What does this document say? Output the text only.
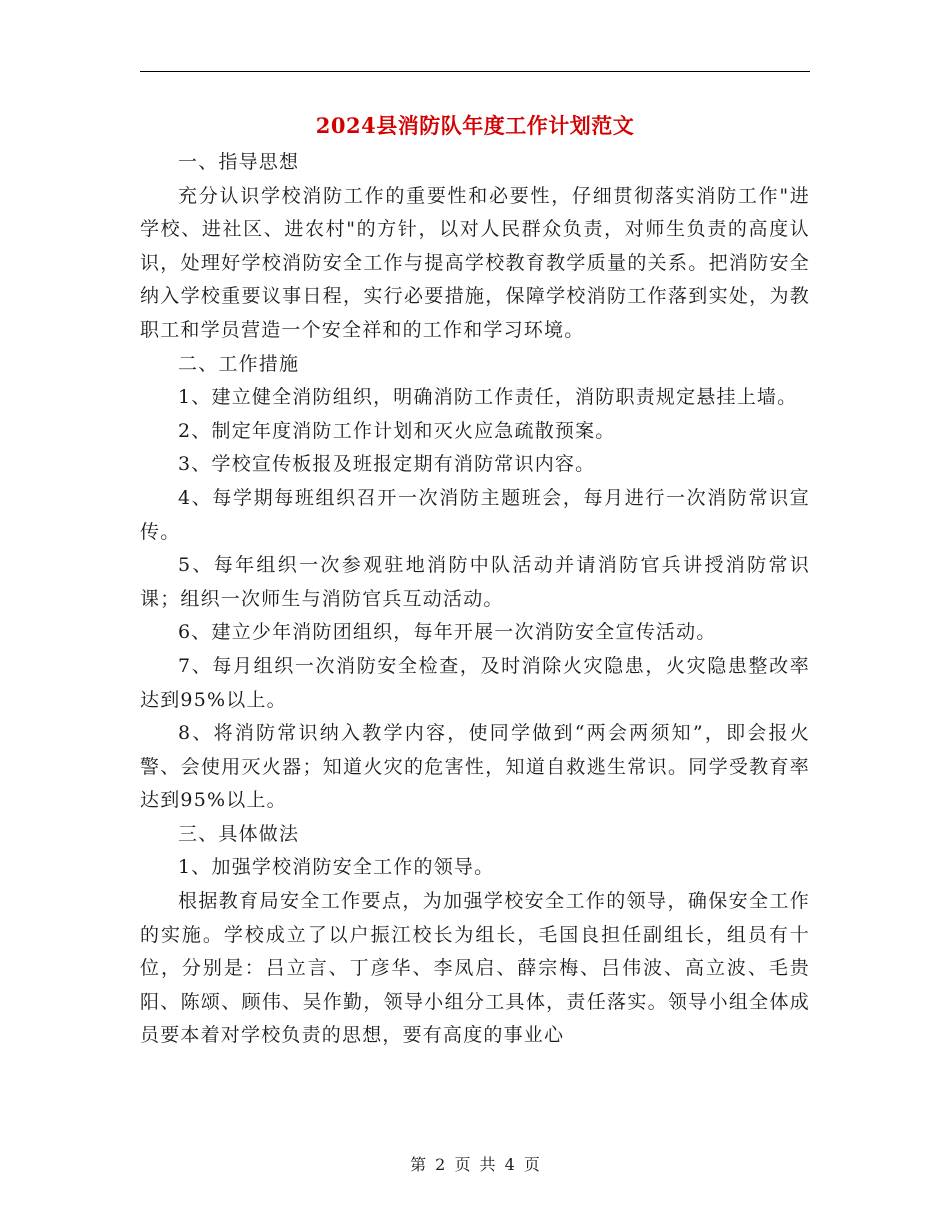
2024县消防队年度工作计划范文

一、指导思想

充分认识学校消防工作的重要性和必要性，仔细贯彻落实消防工作"进学校、进社区、进农村"的方针，以对人民群众负责，对师生负责的高度认识，处理好学校消防安全工作与提高学校教育教学质量的关系。把消防安全纳入学校重要议事日程，实行必要措施，保障学校消防工作落到实处，为教职工和学员营造一个安全祥和的工作和学习环境。

二、工作措施

1、建立健全消防组织，明确消防工作责任，消防职责规定悬挂上墙。

2、制定年度消防工作计划和灭火应急疏散预案。

3、学校宣传板报及班报定期有消防常识内容。

4、每学期每班组织召开一次消防主题班会，每月进行一次消防常识宣传。

5、每年组织一次参观驻地消防中队活动并请消防官兵讲授消防常识课；组织一次师生与消防官兵互动活动。

6、建立少年消防团组织，每年开展一次消防安全宣传活动。

7、每月组织一次消防安全检查，及时消除火灾隐患，火灾隐患整改率达到95%以上。

8、将消防常识纳入教学内容，使同学做到“两会两须知”，即会报火警、会使用灭火器；知道火灾的危害性，知道自救逃生常识。同学受教育率达到95%以上。

三、具体做法

1、加强学校消防安全工作的领导。

根据教育局安全工作要点，为加强学校安全工作的领导，确保安全工作的实施。学校成立了以户振江校长为组长，毛国良担任副组长，组员有十位，分别是：吕立言、丁彦华、李凤启、薛宗梅、吕伟波、高立波、毛贵阳、陈颂、顾伟、吴作勤，领导小组分工具体，责任落实。领导小组全体成员要本着对学校负责的思想，要有高度的事业心

第 2 页 共 4 页
